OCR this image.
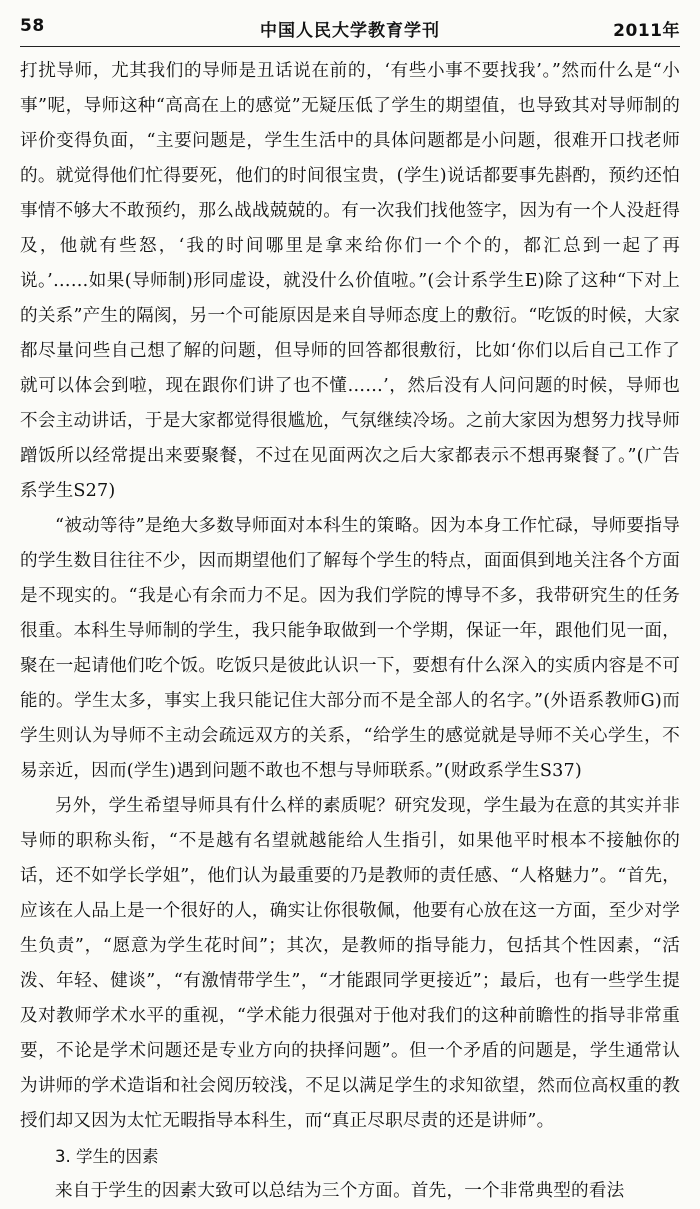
58	中国人民大学教育学刊	2011年

打扰导师，尤其我们的导师是丑话说在前的，‘有些小事不要找我’。”然而什么是“小事”呢，导师这种“高高在上的感觉”无疑压低了学生的期望值，也导致其对导师制的评价变得负面，“主要问题是，学生生活中的具体问题都是小问题，很难开口找老师的。就觉得他们忙得要死，他们的时间很宝贵，(学生)说话都要事先斟酌，预约还怕事情不够大不敢预约，那么战战兢兢的。有一次我们找他签字，因为有一个人没赶得及，他就有些怒，‘我的时间哪里是拿来给你们一个个的，都汇总到一起了再说。’……如果(导师制)形同虚设，就没什么价值啦。”(会计系学生E)除了这种“下对上的关系”产生的隔阂，另一个可能原因是来自导师态度上的敷衍。“吃饭的时候，大家都尽量问些自己想了解的问题，但导师的回答都很敷衍，比如‘你们以后自己工作了就可以体会到啦，现在跟你们讲了也不懂……’，然后没有人问问题的时候，导师也不会主动讲话，于是大家都觉得很尴尬，气氛继续冷场。之前大家因为想努力找导师蹭饭所以经常提出来要聚餐，不过在见面两次之后大家都表示不想再聚餐了。”(广告系学生S27)

“被动等待”是绝大多数导师面对本科生的策略。因为本身工作忙碌，导师要指导的学生数目往往不少，因而期望他们了解每个学生的特点，面面俱到地关注各个方面是不现实的。“我是心有余而力不足。因为我们学院的博导不多，我带研究生的任务很重。本科生导师制的学生，我只能争取做到一个学期，保证一年，跟他们见一面，聚在一起请他们吃个饭。吃饭只是彼此认识一下，要想有什么深入的实质内容是不可能的。学生太多，事实上我只能记住大部分而不是全部人的名字。”(外语系教师G)而学生则认为导师不主动会疏远双方的关系，“给学生的感觉就是导师不关心学生，不易亲近，因而(学生)遇到问题不敢也不想与导师联系。”(财政系学生S37)

另外，学生希望导师具有什么样的素质呢？研究发现，学生最为在意的其实并非导师的职称头衔，“不是越有名望就越能给人生指引，如果他平时根本不接触你的话，还不如学长学姐”，他们认为最重要的乃是教师的责任感、“人格魅力”。“首先，应该在人品上是一个很好的人，确实让你很敬佩，他要有心放在这一方面，至少对学生负责”，“愿意为学生花时间”；其次，是教师的指导能力，包括其个性因素，“活泼、年轻、健谈”，“有激情带学生”，“才能跟同学更接近”；最后，也有一些学生提及对教师学术水平的重视，“学术能力很强对于他对我们的这种前瞻性的指导非常重要，不论是学术问题还是专业方向的抉择问题”。但一个矛盾的问题是，学生通常认为讲师的学术造诣和社会阅历较浅，不足以满足学生的求知欲望，然而位高权重的教授们却又因为太忙无暇指导本科生，而“真正尽职尽责的还是讲师”。

3. 学生的因素

来自于学生的因素大致可以总结为三个方面。首先，一个非常典型的看法
